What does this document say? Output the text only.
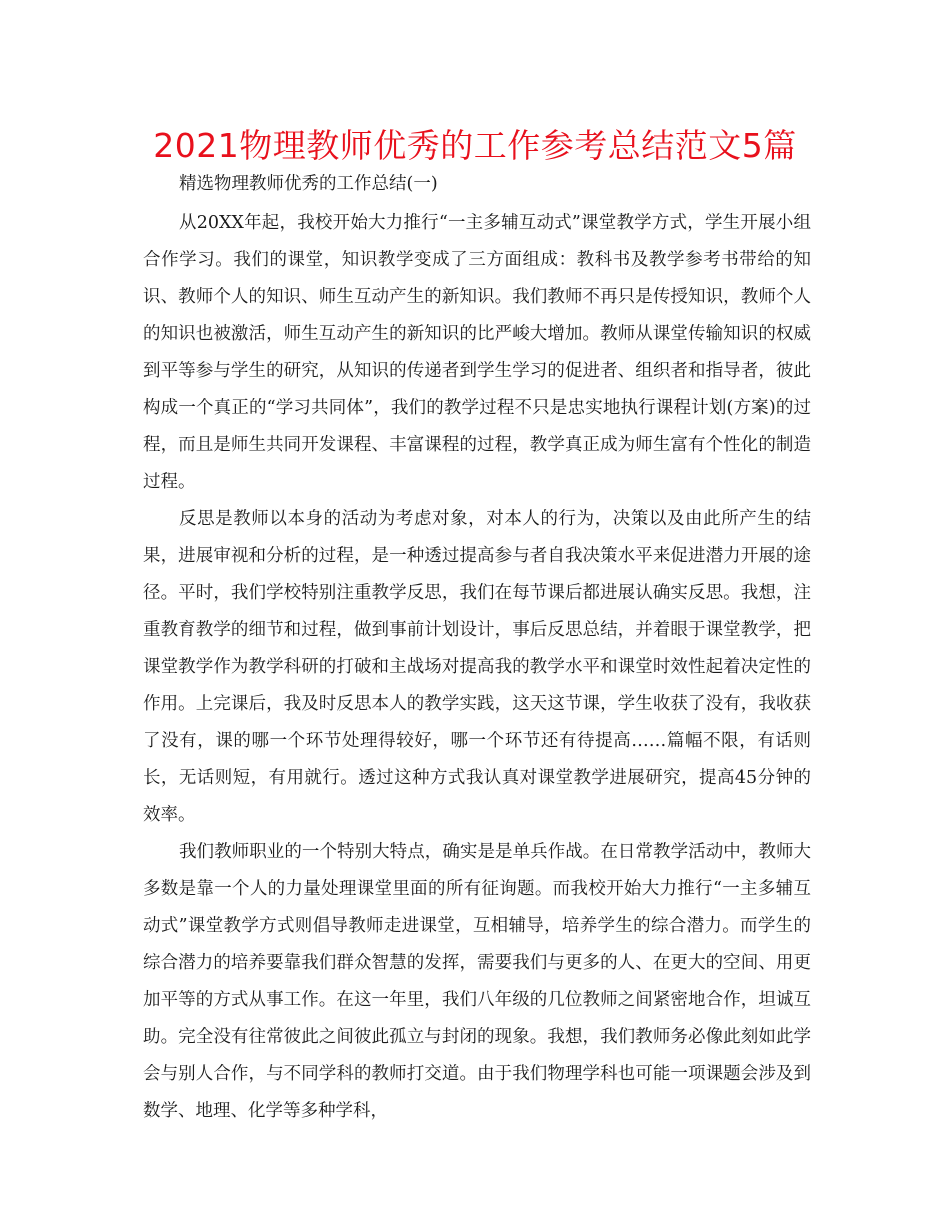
2021物理教师优秀的工作参考总结范文5篇

精选物理教师优秀的工作总结(一)

从20XX年起，我校开始大力推行“一主多辅互动式”课堂教学方式，学生开展小组合作学习。我们的课堂，知识教学变成了三方面组成：教科书及教学参考书带给的知识、教师个人的知识、师生互动产生的新知识。我们教师不再只是传授知识，教师个人的知识也被激活，师生互动产生的新知识的比严峻大增加。教师从课堂传输知识的权威到平等参与学生的研究，从知识的传递者到学生学习的促进者、组织者和指导者，彼此构成一个真正的“学习共同体”，我们的教学过程不只是忠实地执行课程计划(方案)的过程，而且是师生共同开发课程、丰富课程的过程，教学真正成为师生富有个性化的制造过程。

反思是教师以本身的活动为考虑对象，对本人的行为，决策以及由此所产生的结果，进展审视和分析的过程，是一种透过提高参与者自我决策水平来促进潜力开展的途径。平时，我们学校特别注重教学反思，我们在每节课后都进展认确实反思。我想，注重教育教学的细节和过程，做到事前计划设计，事后反思总结，并着眼于课堂教学，把课堂教学作为教学科研的打破和主战场对提高我的教学水平和课堂时效性起着决定性的作用。上完课后，我及时反思本人的教学实践，这天这节课，学生收获了没有，我收获了没有，课的哪一个环节处理得较好，哪一个环节还有待提高……篇幅不限，有话则长，无话则短，有用就行。透过这种方式我认真对课堂教学进展研究，提高45分钟的效率。

我们教师职业的一个特别大特点，确实是是单兵作战。在日常教学活动中，教师大多数是靠一个人的力量处理课堂里面的所有征询题。而我校开始大力推行“一主多辅互动式”课堂教学方式则倡导教师走进课堂，互相辅导，培养学生的综合潜力。而学生的综合潜力的培养要靠我们群众智慧的发挥，需要我们与更多的人、在更大的空间、用更加平等的方式从事工作。在这一年里，我们八年级的几位教师之间紧密地合作，坦诚互助。完全没有往常彼此之间彼此孤立与封闭的现象。我想，我们教师务必像此刻如此学会与别人合作，与不同学科的教师打交道。由于我们物理学科也可能一项课题会涉及到数学、地理、化学等多种学科，
